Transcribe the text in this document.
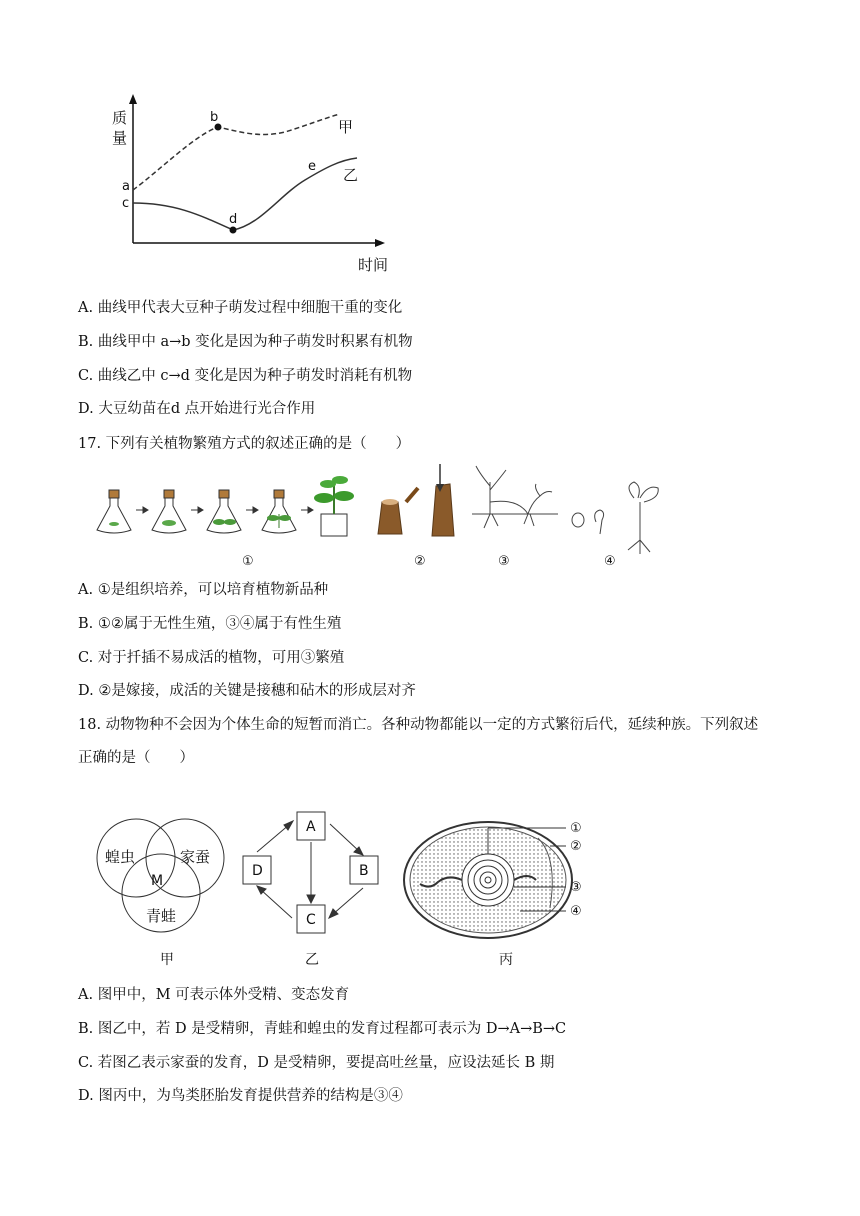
质
量
时间
甲
乙
a
b
c
d
e
A. 曲线甲代表大豆种子萌发过程中细胞干重的变化
B. 曲线甲中 a→b 变化是因为种子萌发时积累有机物
C. 曲线乙中 c→d 变化是因为种子萌发时消耗有机物
D. 大豆幼苗在d 点开始进行光合作用
17. 下列有关植物繁殖方式的叙述正确的是（　　）
①	②	③	④
A. ①是组织培养，可以培育植物新品种
B. ①②属于无性生殖，③④属于有性生殖
C. 对于扦插不易成活的植物，可用③繁殖
D. ②是嫁接，成活的关键是接穗和砧木的形成层对齐
18. 动物物种不会因为个体生命的短暂而消亡。各种动物都能以一定的方式繁衍后代，延续种族。下列叙述
正确的是（　　）
蝗虫	家蚕
青蛙
M
甲
A
D	B
C
乙
①
②
③
④
丙
A. 图甲中，M 可表示体外受精、变态发育
B. 图乙中，若 D 是受精卵，青蛙和蝗虫的发育过程都可表示为 D→A→B→C
C. 若图乙表示家蚕的发育，D 是受精卵，要提高吐丝量，应设法延长 B 期
D. 图丙中，为鸟类胚胎发育提供营养的结构是③④
